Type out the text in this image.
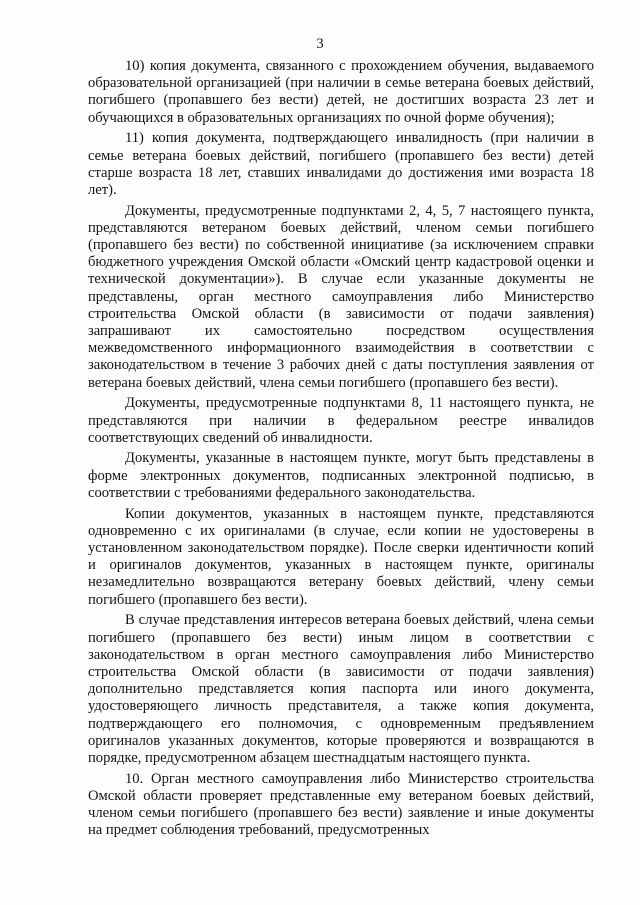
3

10) копия документа, связанного с прохождением обучения, выдаваемого образовательной организацией (при наличии в семье ветерана боевых действий, погибшего (пропавшего без вести) детей, не достигших возраста 23 лет и обучающихся в образовательных организациях по очной форме обучения);

11) копия документа, подтверждающего инвалидность (при наличии в семье ветерана боевых действий, погибшего (пропавшего без вести) детей старше возраста 18 лет, ставших инвалидами до достижения ими возраста 18 лет).

Документы, предусмотренные подпунктами 2, 4, 5, 7 настоящего пункта, представляются ветераном боевых действий, членом семьи погибшего (пропавшего без вести) по собственной инициативе (за исключением справки бюджетного учреждения Омской области «Омский центр кадастровой оценки и технической документации»). В случае если указанные документы не представлены, орган местного самоуправления либо Министерство строительства Омской области (в зависимости от подачи заявления) запрашивают их самостоятельно посредством осуществления межведомственного информационного взаимодействия в соответствии с законодательством в течение 3 рабочих дней с даты поступления заявления от ветерана боевых действий, члена семьи погибшего (пропавшего без вести).

Документы, предусмотренные подпунктами 8, 11 настоящего пункта, не представляются при наличии в федеральном реестре инвалидов соответствующих сведений об инвалидности.

Документы, указанные в настоящем пункте, могут быть представлены в форме электронных документов, подписанных электронной подписью, в соответствии с требованиями федерального законодательства.

Копии документов, указанных в настоящем пункте, представляются одновременно с их оригиналами (в случае, если копии не удостоверены в установленном законодательством порядке). После сверки идентичности копий и оригиналов документов, указанных в настоящем пункте, оригиналы незамедлительно возвращаются ветерану боевых действий, члену семьи погибшего (пропавшего без вести).

В случае представления интересов ветерана боевых действий, члена семьи погибшего (пропавшего без вести) иным лицом в соответствии с законодательством в орган местного самоуправления либо Министерство строительства Омской области (в зависимости от подачи заявления) дополнительно представляется копия паспорта или иного документа, удостоверяющего личность представителя, а также копия документа, подтверждающего его полномочия, с одновременным предъявлением оригиналов указанных документов, которые проверяются и возвращаются в порядке, предусмотренном абзацем шестнадцатым настоящего пункта.

10. Орган местного самоуправления либо Министерство строительства Омской области проверяет представленные ему ветераном боевых действий, членом семьи погибшего (пропавшего без вести) заявление и иные документы на предмет соблюдения требований, предусмотренных
